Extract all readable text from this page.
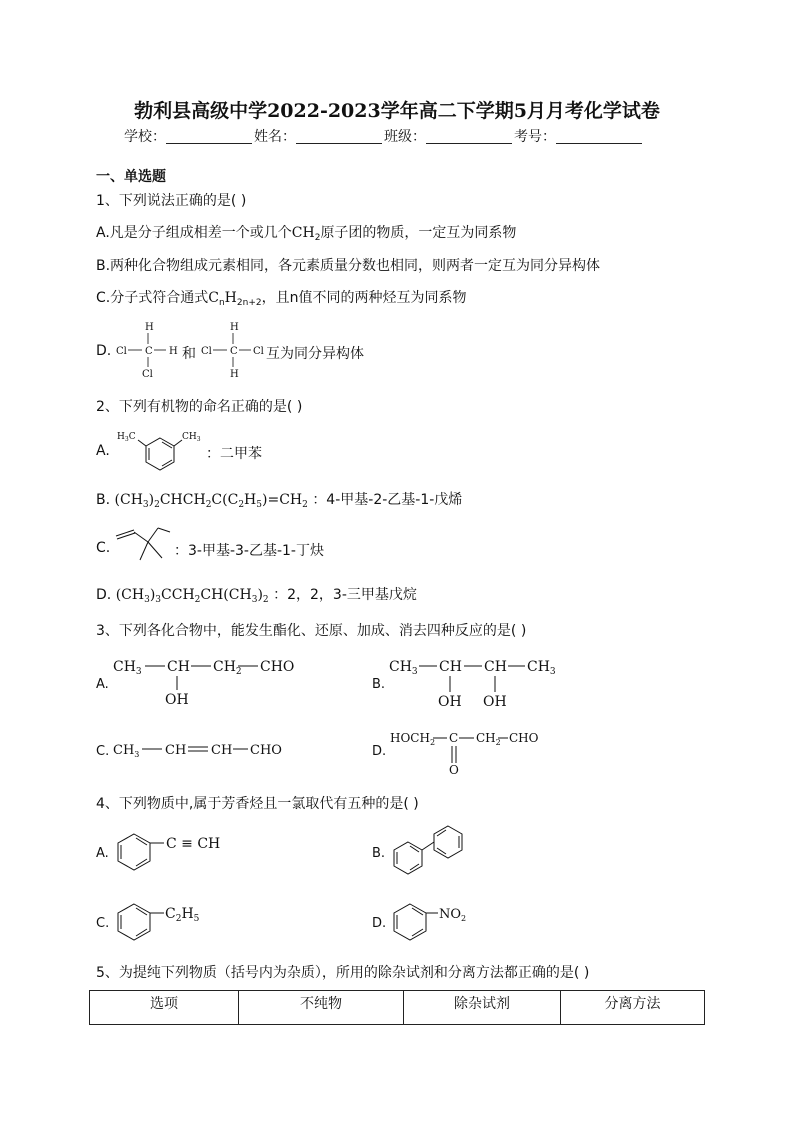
勃利县高级中学2022-2023学年高二下学期5月月考化学试卷
学校：	姓名：	班级：	考号：
一、单选题
1、下列说法正确的是( )
A.凡是分子组成相差一个或几个$CH_2$原子团的物质，一定互为同系物
B.两种化合物组成元素相同，各元素质量分数也相同，则两者一定互为同分异构体
C.分子式符合通式$C_nH_{2n+2}$，且n值不同的两种烃互为同系物
D.
H
Cl C H
Cl
和
H
Cl C Cl
H
互为同分异构体
2、下列有机物的命名正确的是( )
A.
$H_3C$	$CH_3$
：二甲苯
B. $(CH_3)_2CHCH_2C(C_2H_5)=CH_2$ ：4-甲基-2-乙基-1-戊烯
C.	：3-甲基-3-乙基-1-丁炔
D. $(CH_3)_3CCH_2CH(CH_3)_2$ ：2，2，3-三甲基戊烷
3、下列各化合物中，能发生酯化、还原、加成、消去四种反应的是( )
A.
$CH_3$ CH $CH_2$ CHO
OH
B.
$CH_3$ CH CH $CH_3$
OH OH
C. $CH_3$ CH CH CHO	D.
$HOCH_2$ C $CH_2$ CHO
O
4、下列物质中,属于芳香烃且一氯取代有五种的是( )
A.
C ≡ CH
B.
C.
$C_2H_5$	D.
$NO_2$
5、为提纯下列物质（括号内为杂质），所用的除杂试剂和分离方法都正确的是( )
选项	不纯物	除杂试剂	分离方法
